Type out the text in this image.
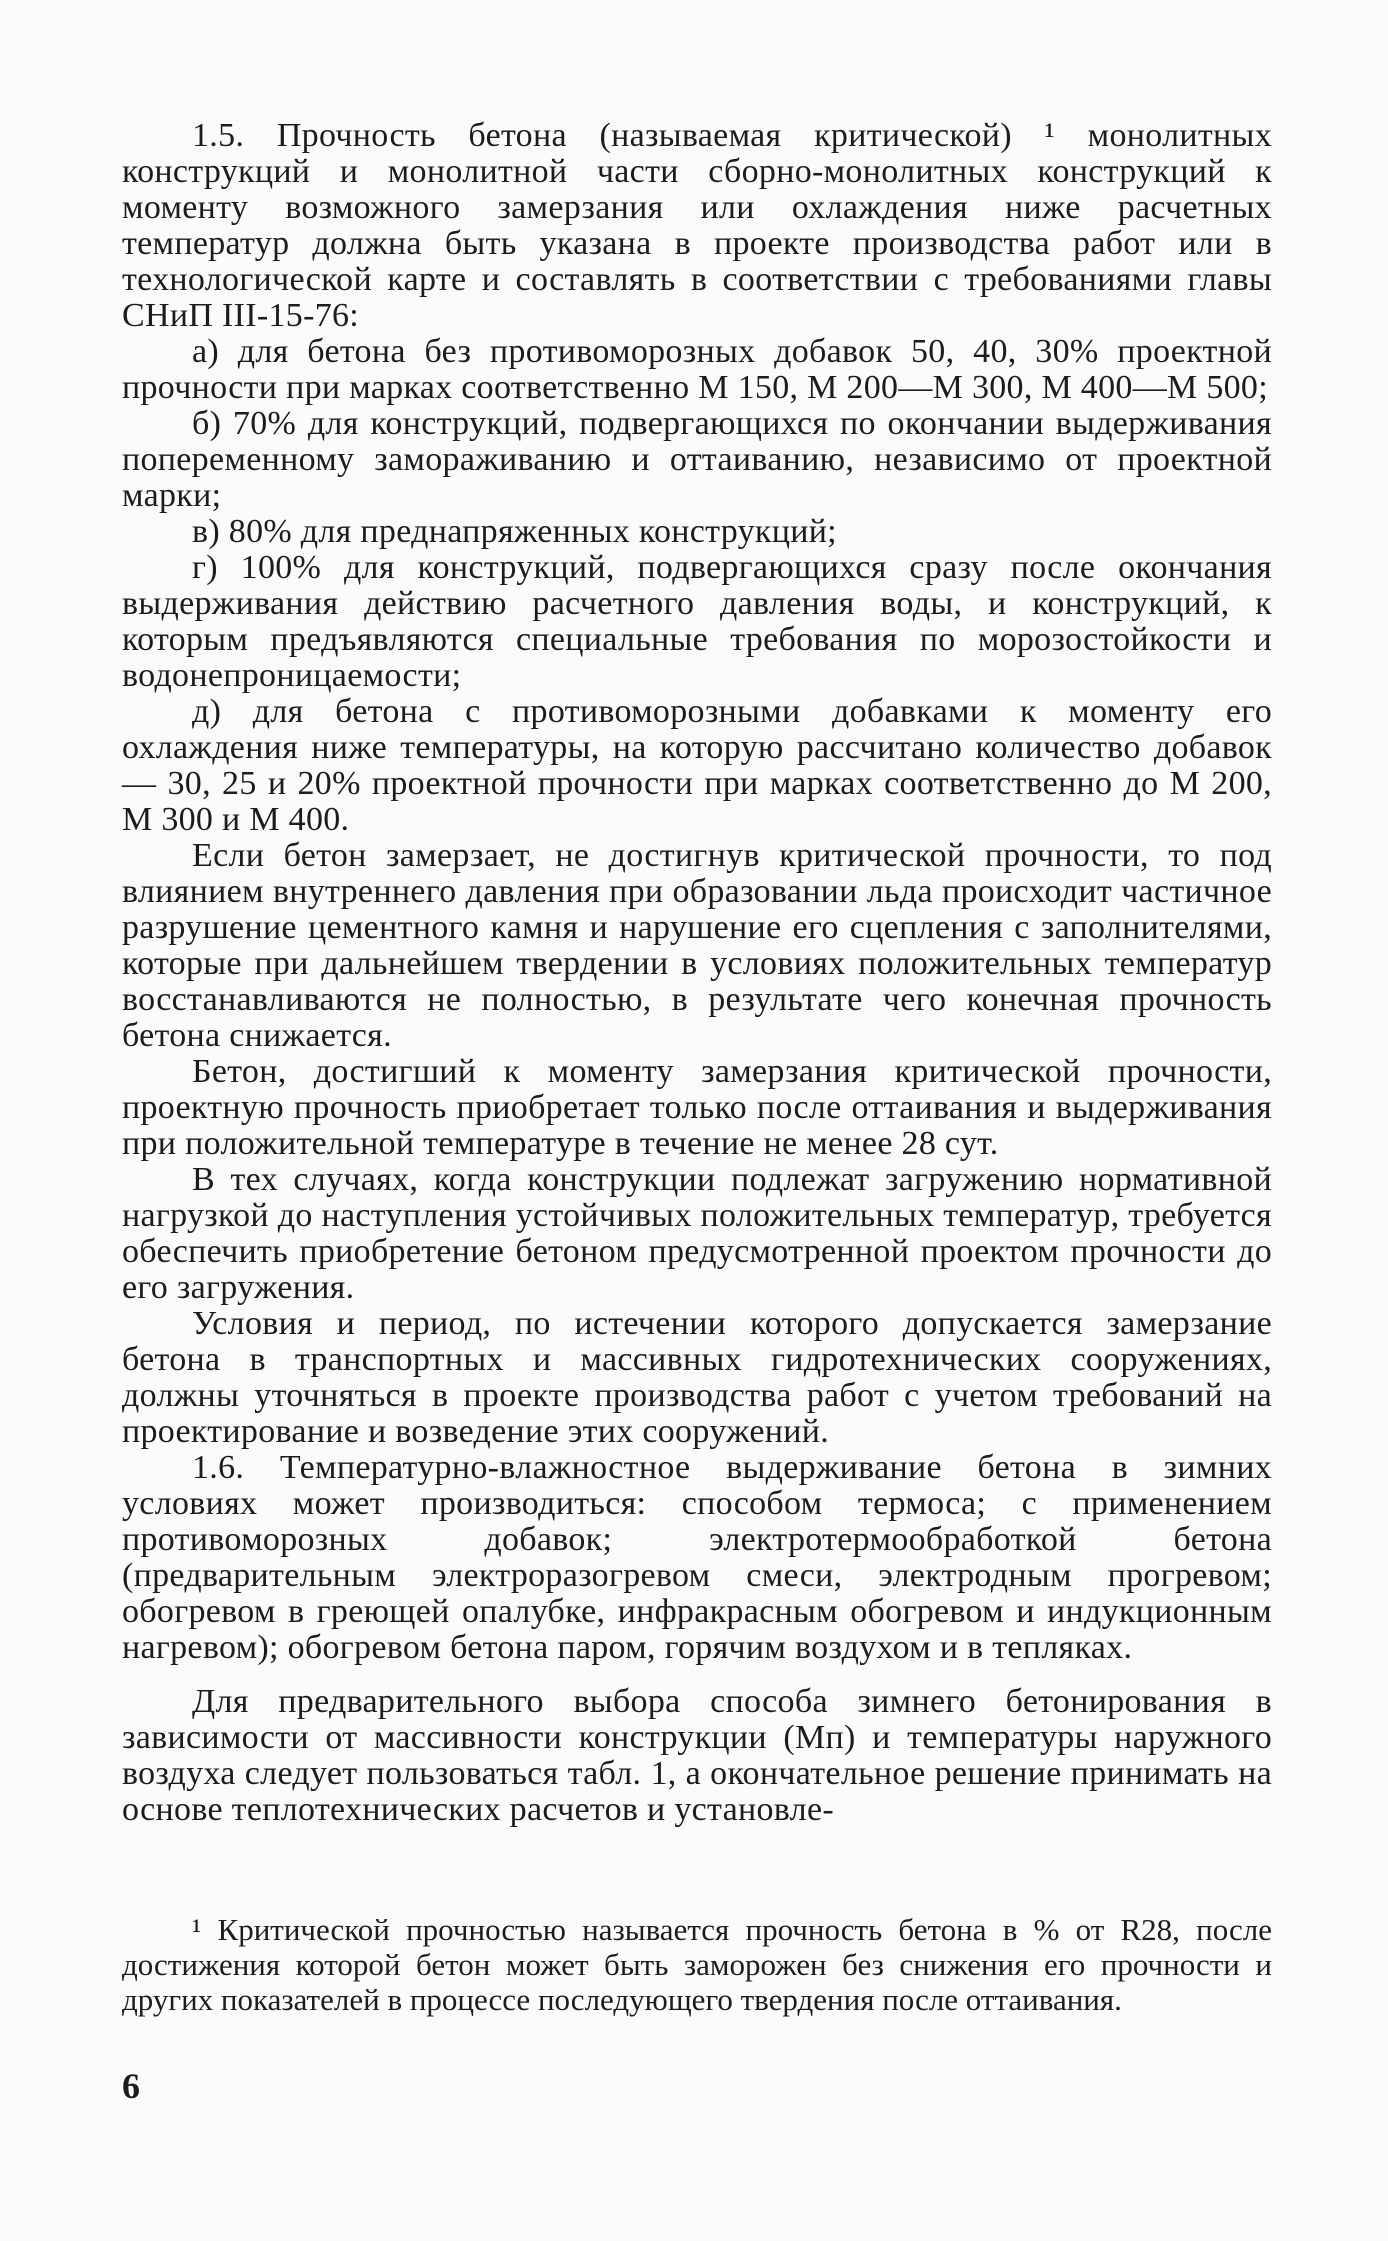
1.5. Прочность бетона (называемая критической) ¹ монолитных конструкций и монолитной части сборно-монолитных конструкций к моменту возможного замерзания или охлаждения ниже расчетных температур должна быть указана в проекте производства работ или в технологической карте и составлять в соответствии с требованиями главы СНиП III-15-76:

а) для бетона без противоморозных добавок 50, 40, 30% проектной прочности при марках соответственно М 150, М 200—М 300, М 400—М 500;

б) 70% для конструкций, подвергающихся по окончании выдерживания попеременному замораживанию и оттаиванию, независимо от проектной марки;

в) 80% для преднапряженных конструкций;

г) 100% для конструкций, подвергающихся сразу после окончания выдерживания действию расчетного давления воды, и конструкций, к которым предъявляются специальные требования по морозостойкости и водонепроницаемости;

д) для бетона с противоморозными добавками к моменту его охлаждения ниже температуры, на которую рассчитано количество добавок — 30, 25 и 20% проектной прочности при марках соответственно до М 200, М 300 и М 400.

Если бетон замерзает, не достигнув критической прочности, то под влиянием внутреннего давления при образовании льда происходит частичное разрушение цементного камня и нарушение его сцепления с заполнителями, которые при дальнейшем твердении в условиях положительных температур восстанавливаются не полностью, в результате чего конечная прочность бетона снижается.

Бетон, достигший к моменту замерзания критической прочности, проектную прочность приобретает только после оттаивания и выдерживания при положительной температуре в течение не менее 28 сут.

В тех случаях, когда конструкции подлежат загружению нормативной нагрузкой до наступления устойчивых положительных температур, требуется обеспечить приобретение бетоном предусмотренной проектом прочности до его загружения.

Условия и период, по истечении которого допускается замерзание бетона в транспортных и массивных гидротехнических сооружениях, должны уточняться в проекте производства работ с учетом требований на проектирование и возведение этих сооружений.

1.6. Температурно-влажностное выдерживание бетона в зимних условиях может производиться: способом термоса; с применением противоморозных добавок; электротермообработкой бетона (предварительным электроразогревом смеси, электродным прогревом; обогревом в греющей опалубке, инфракрасным обогревом и индукционным нагревом); обогревом бетона паром, горячим воздухом и в тепляках.

Для предварительного выбора способа зимнего бетонирования в зависимости от массивности конструкции (Мп) и температуры наружного воздуха следует пользоваться табл. 1, а окончательное решение принимать на основе теплотехнических расчетов и установле-

¹ Критической прочностью называется прочность бетона в % от R28, после достижения которой бетон может быть заморожен без снижения его прочности и других показателей в процессе последующего твердения после оттаивания.

6
